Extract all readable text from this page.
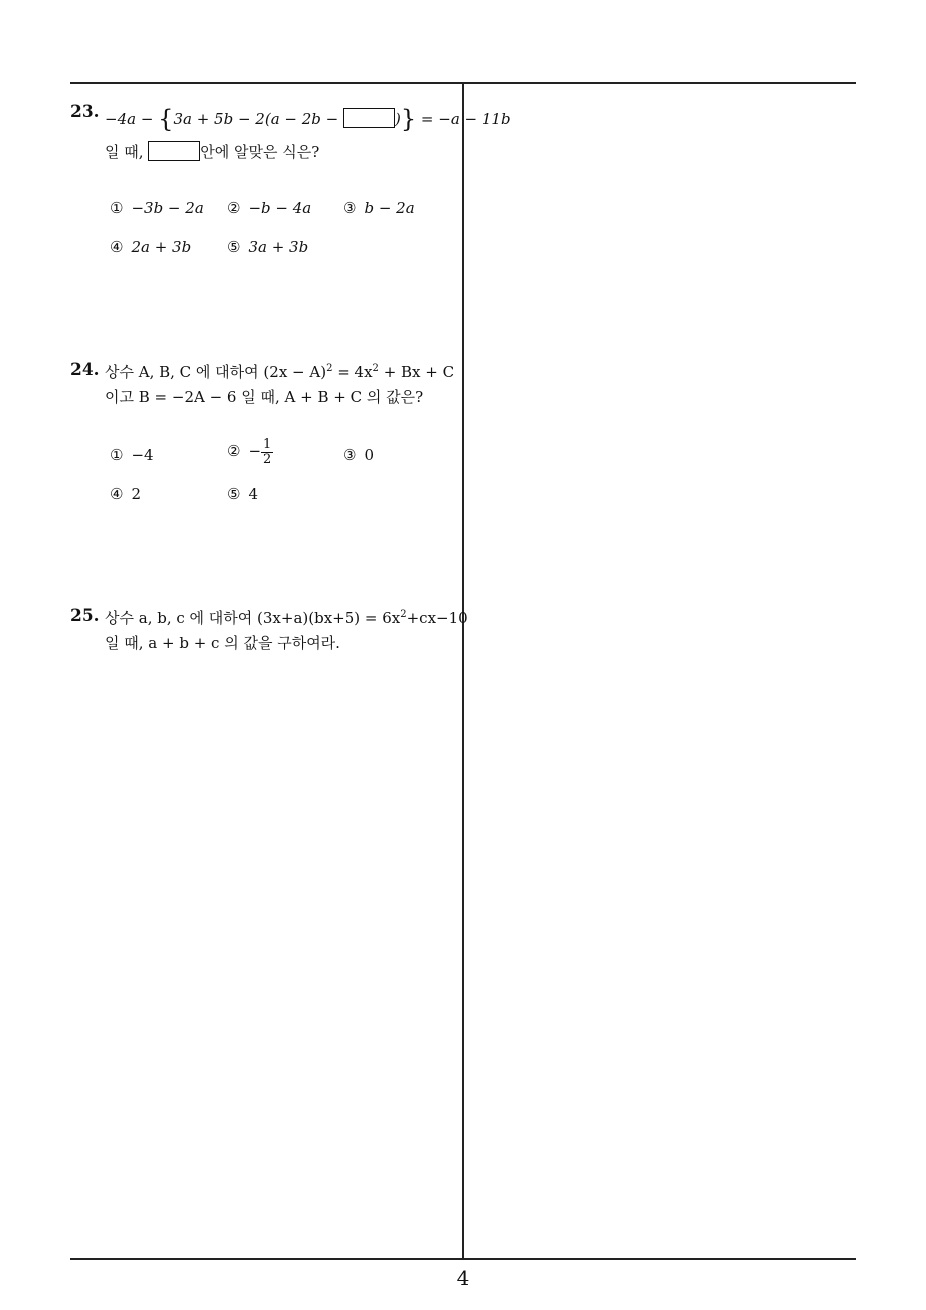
23. −4a − {3a + 5b − 2(a − 2b −	)} = −a − 11b
일 때,	안에 알맞은 식은?
① −3b − 2a ② −b − 4a ③ b − 2a
④ 2a + 3b ⑤ 3a + 3b
24. 상수 A, B, C 에 대하여 $(2x - A)^2 = 4x^2 + Bx + C$
이고 B = −2A − 6 일 때, A + B + C 의 값은?
① −4	② − $\frac{1}{2}$	③ 0
④ 2	⑤ 4
25. 상수 a, b, c 에 대하여 $(3x+a)(bx+5) = 6x^2+cx-10$
일 때, a + b + c 의 값을 구하여라.
4
